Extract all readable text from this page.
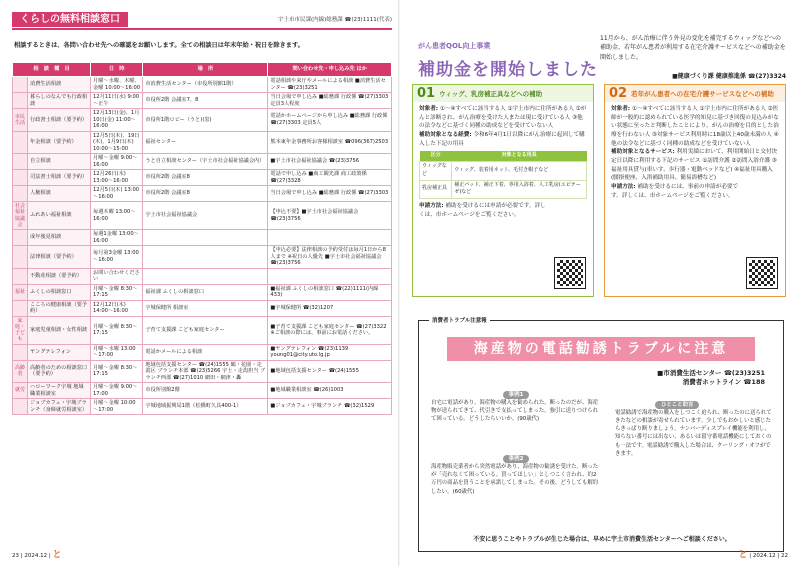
くらしの無料相談窓口	宇土市市民課(内線)総務課 ☎(23)1111(代表)
相談するときは、各問い合わせ先への確認をお願いします。全ての相談日は年末年始・祝日を除きます。
相　談　種　目		日　時	場　所	問い合わせ先・申し込み先 ほか
	消費生活相談	月曜～水曜、木曜、金曜 10:00～16:00	市消費生活センター（市役所別館1階）	電話相談や来庁やメールによる相談 ■消費生活センター ☎(23)3251
	暮らしのなんでも行政相談	12月11日(水) 9:00～正午	市役所2階 会議室7、8	当日会場で申し込み ■総務課 行政係 ☎(27)3303 定員3人程度
市民生活	行政書士相談（要予約）	12月13日(金)、1月10日(金) 11:00～16:00	市役所1階ロビー（うと)(窓)	電話かホームページから申し込み ■総務課 行政係 ☎(27)3303 定員5人
	年金相談（要予約）	12月5日(木)、19日(木)、1月9日(木) 10:00～15:00	福祉センター	熊本東年金事務所お客様相談室 ☎096(367)2503
	自立相談	月曜～金曜 9:00～16:00	うと自立相談センター（宇土市社会福祉協議会内）	■宇土市社会福祉協議会 ☎(23)3756
	司法書士相談（要予約）	12月26日(木) 13:00～16:00	市役所2階 会議室8	電話で申し込み ■商工観光課 商工政策係 ☎(27)3328
	人権相談	12月5日(木) 13:00～16:00	市役所2階 会議室8	当日会場で申し込み ■総務課 行政係 ☎(27)3303
社会福祉協議会	ふれあい福祉相談	毎週木曜 13:00～16:00	宇土市社会福祉協議会	【申込不要】■宇土市社会福祉協議会 ☎(23)3756
	成年後見相談	毎週1金曜 13:00～16:00		
	法律相談（要予約）	毎月第3金曜 13:00～16:00		【申込必要】法律相談の予約受付は毎月1日から8人まで ※祝日の人優先 ■宇土市社会福祉協議会 ☎(23)3756
	不動産相談（要予約）	お問い合わせください		
福祉	ふくしの相談窓口	月曜～金曜 8:30～17:15	福祉課 ふくしの相談窓口	■福祉課 ふくしの相談窓口 ☎(22)1111(内線433)
	こころの健康相談（要予約）	12月12日(木) 14:00～16:00	宇城保健所 相談室	■宇城保健所 ☎(32)1207
家庭・子ども	家庭児童相談・女性相談	月曜～金曜 8:30～17:15	子育て支援課 こども家庭センター	■子育て支援課 こども家庭センター ☎(27)3322 ※ご相談の際には、事前にお電話ください。
	ヤングテレフォン	月曜～水曜 13:00～17:00	電話かメールによる相談	■ヤングテレフォン ☎(23)1139 young01@city.uto.lg.jp
高齢者	高齢者のための相談窓口（要予約）	月曜～金曜 8:30～17:15	地域包括支援センター ☎(24)1555 鶴・花園・走潟区 ブランチ本部 ☎(23)5266 宇土・走潟担当 ブランチ西部 ☎(27)1010 網田・網津・轟	■地域包括支援センター ☎(24)1555
就労	ハローワーク宇城 地域職業相談室	月曜～金曜 9:00～17:00	市役所別館2階	■地域職業相談室 ☎(26)1003
	ジョブカフェ・宇城ブランチ（身障就労相談室）	月曜～金曜 10:00～17:00	宇城地域振興局1階（松橋町久具400-1）	■ジョブカフェ・宇城ブランチ ☎(32)1529
23 | 2024.12 | と
がん患者QOL向上事業
補助金を開始しました
11月から、がん治療に伴う外見の変化を補完するウィッグなどへの補助金、若年がん患者が利用する在宅介護サービスなどへの補助金を開始しました。
■健康づくり課 健康推進係 ☎(27)3324
01 ウィッグ、乳房補正具などへの補助
対象者: ①～④すべてに該当する人 ①宇土市内に住所がある人 ②がんと診断され、がん治療を受けた人または現に受けている人 ③他の法令などに基づく同種の助成などを受けていない人
補助対象となる経費: 令和6年4月1日以降にがん治療に起因して購入した下記の用具
区分	対象となる用具
ウィッグなど	ウィッグ、装着用ネット、毛付き帽子など
乳房補正具	補正パッド、補正下着、専用入浴着、人工乳房(エピテーゼ)など
申請方法: 補助を受けるには申請が必要です。詳しくは、市ホームページをご覧ください。
02 若年がん患者への在宅介護サービスなどへの補助
対象者: ①～④すべてに該当する人 ①宇土市内に住所がある人 ②医師が一般的に認められている医学的知見に基づき回復の見込みがない状態に至ったと判断したことにより、がんの治療を目的とした治療を行わない人 ③対象サービス利用時に18歳以上40歳未満の人 ④他の法令などに基づく同種の助成などを受けていない人
補助対象となるサービス: 利用実績において、利用開始日と交付決定日以降に利用する下記のサービス ①訪問介護 ②訪問入浴介護 ③福祉用具貸与(車いす、歩行器・電動ベッドなど) ④福祉用具購入(腰掛便座、入浴補助用具、簡易浴槽など)
申請方法: 補助を受けるには、事前の申請が必要です。詳しくは、市ホームページをご覧ください。
消費者トラブル注意報
海産物の電話勧誘トラブルに注意
■市消費生活センター ☎(23)3251
消費者ホットライン ☎188
事例1
自宅に電話があり、海産物の購入を勧められた。断ったのだが、海産物が送られてきて、代引きで支払ってしまった。強引に送りつけられて困っている。どうしたらいいか。(90歳代)
事例2
海産物販売業者から突然電話があり、海産物の勧誘を受けた。断ったが「売れなくて困っている。買ってほしい」としつこく言われ、約2万円の商品を買うことを承諾してしまった。その後、どうしても解約したい。(60歳代)
ひとこと助言
電話勧誘で海産物の購入をしつこく迫られ、断ったのに送られてきたなどの相談が寄せられています。少しでもおかしいと感じたらきっぱり断りましょう。ナンバーディスプレイ機能を利用し、知らない番号には出ない、あるいは留守番電話機能にしておくのも一法です。電話勧誘で購入した場合は、クーリング・オフができます。
不安に思うことやトラブルが生じた場合は、早めに宇土市消費生活センターへご相談ください。
と | 2024.12 | 22
